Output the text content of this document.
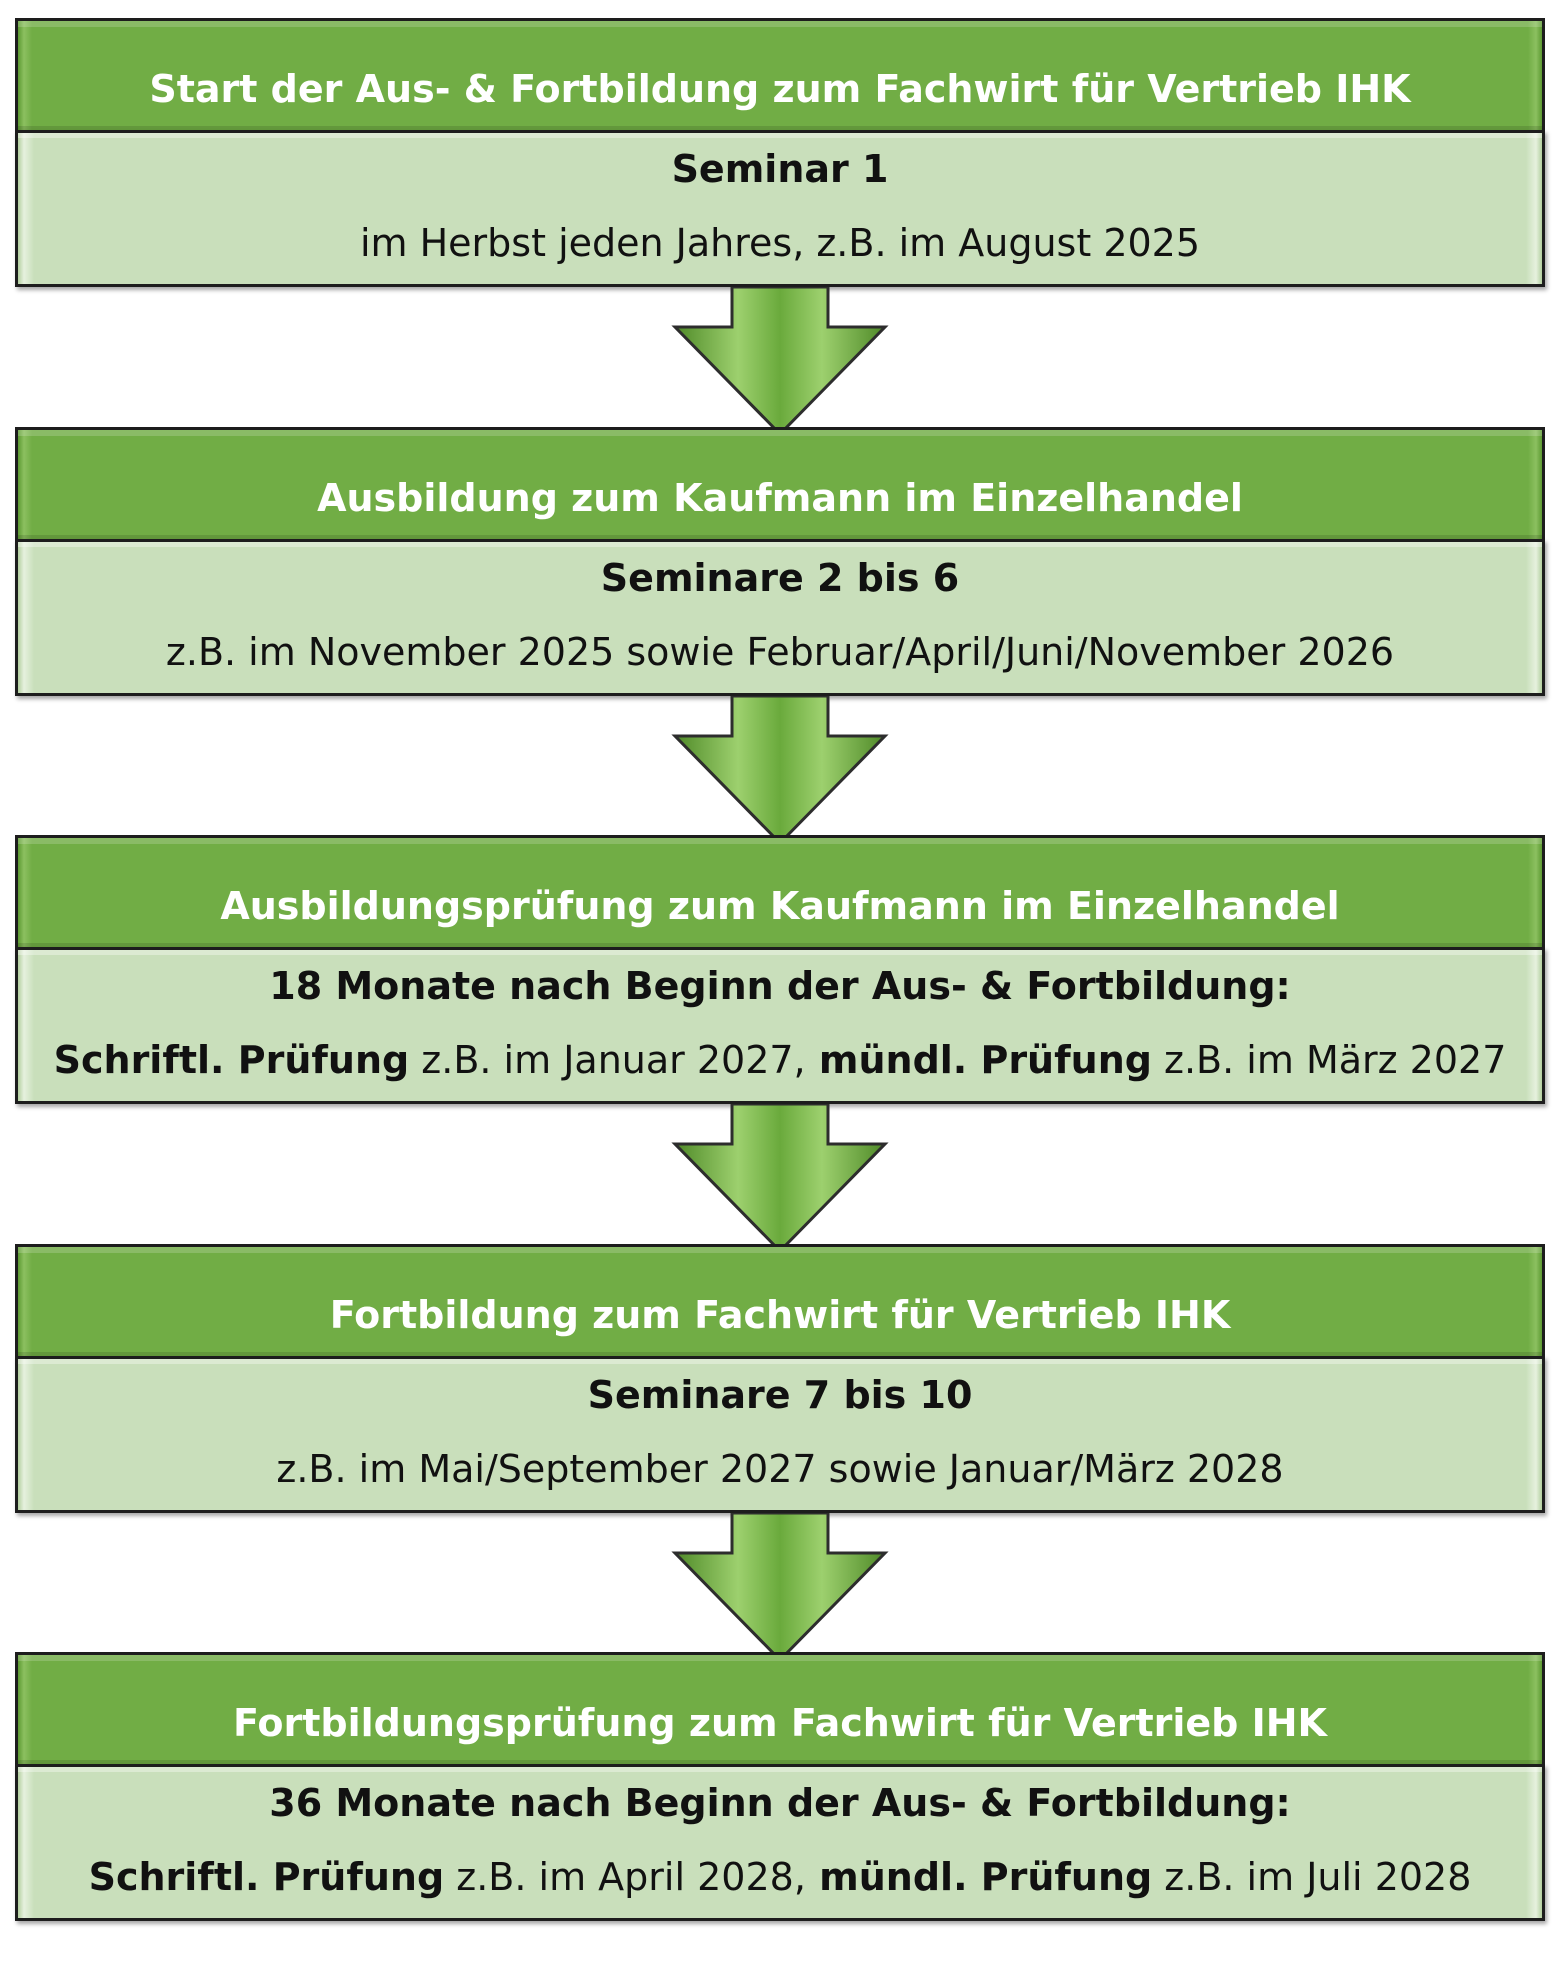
Start der Aus- & Fortbildung zum Fachwirt für Vertrieb IHK
Seminar 1
im Herbst jeden Jahres, z.B. im August 2025
Ausbildung zum Kaufmann im Einzelhandel
Seminare 2 bis 6
z.B. im November 2025 sowie Februar/April/Juni/November 2026
Ausbildungsprüfung zum Kaufmann im Einzelhandel
18 Monate nach Beginn der Aus- & Fortbildung:
Schriftl. Prüfung z.B. im Januar 2027, mündl. Prüfung z.B. im März 2027
Fortbildung zum Fachwirt für Vertrieb IHK
Seminare 7 bis 10
z.B. im Mai/September 2027 sowie Januar/März 2028
Fortbildungsprüfung zum Fachwirt für Vertrieb IHK
36 Monate nach Beginn der Aus- & Fortbildung:
Schriftl. Prüfung z.B. im April 2028, mündl. Prüfung z.B. im Juli 2028
